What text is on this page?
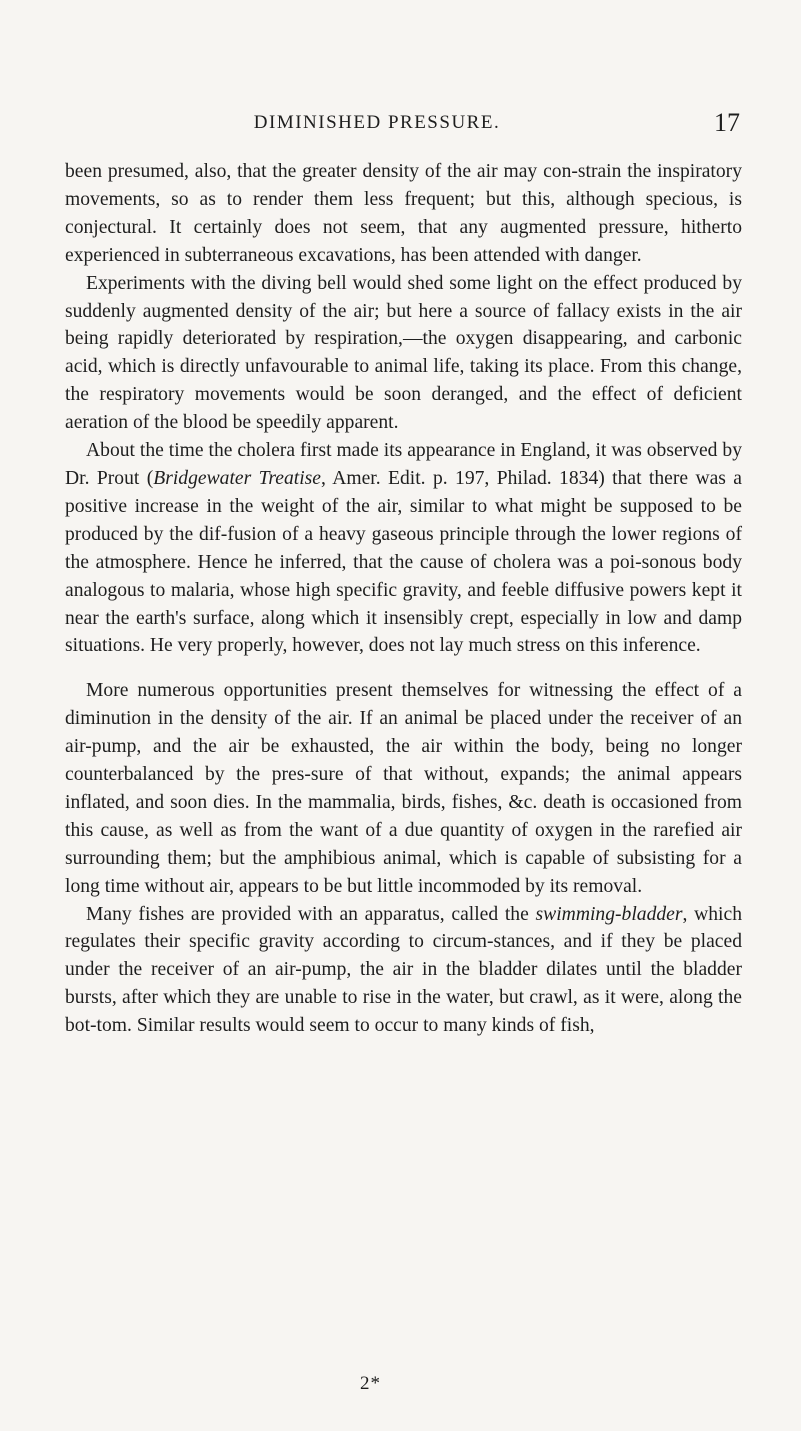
DIMINISHED PRESSURE.	17

been presumed, also, that the greater density of the air may con-strain the inspiratory movements, so as to render them less frequent; but this, although specious, is conjectural. It certainly does not seem, that any augmented pressure, hitherto experienced in subterraneous excavations, has been attended with danger.

Experiments with the diving bell would shed some light on the effect produced by suddenly augmented density of the air; but here a source of fallacy exists in the air being rapidly deteriorated by respiration,—the oxygen disappearing, and carbonic acid, which is directly unfavourable to animal life, taking its place. From this change, the respiratory movements would be soon deranged, and the effect of deficient aeration of the blood be speedily apparent.

About the time the cholera first made its appearance in England, it was observed by Dr. Prout (Bridgewater Treatise, Amer. Edit. p. 197, Philad. 1834) that there was a positive increase in the weight of the air, similar to what might be supposed to be produced by the dif-fusion of a heavy gaseous principle through the lower regions of the atmosphere. Hence he inferred, that the cause of cholera was a poi-sonous body analogous to malaria, whose high specific gravity, and feeble diffusive powers kept it near the earth's surface, along which it insensibly crept, especially in low and damp situations. He very properly, however, does not lay much stress on this inference.

More numerous opportunities present themselves for witnessing the effect of a diminution in the density of the air. If an animal be placed under the receiver of an air-pump, and the air be exhausted, the air within the body, being no longer counterbalanced by the pres-sure of that without, expands; the animal appears inflated, and soon dies. In the mammalia, birds, fishes, &c. death is occasioned from this cause, as well as from the want of a due quantity of oxygen in the rarefied air surrounding them; but the amphibious animal, which is capable of subsisting for a long time without air, appears to be but little incommoded by its removal.

Many fishes are provided with an apparatus, called the swimming-bladder, which regulates their specific gravity according to circum-stances, and if they be placed under the receiver of an air-pump, the air in the bladder dilates until the bladder bursts, after which they are unable to rise in the water, but crawl, as it were, along the bot-tom. Similar results would seem to occur to many kinds of fish,

2*
